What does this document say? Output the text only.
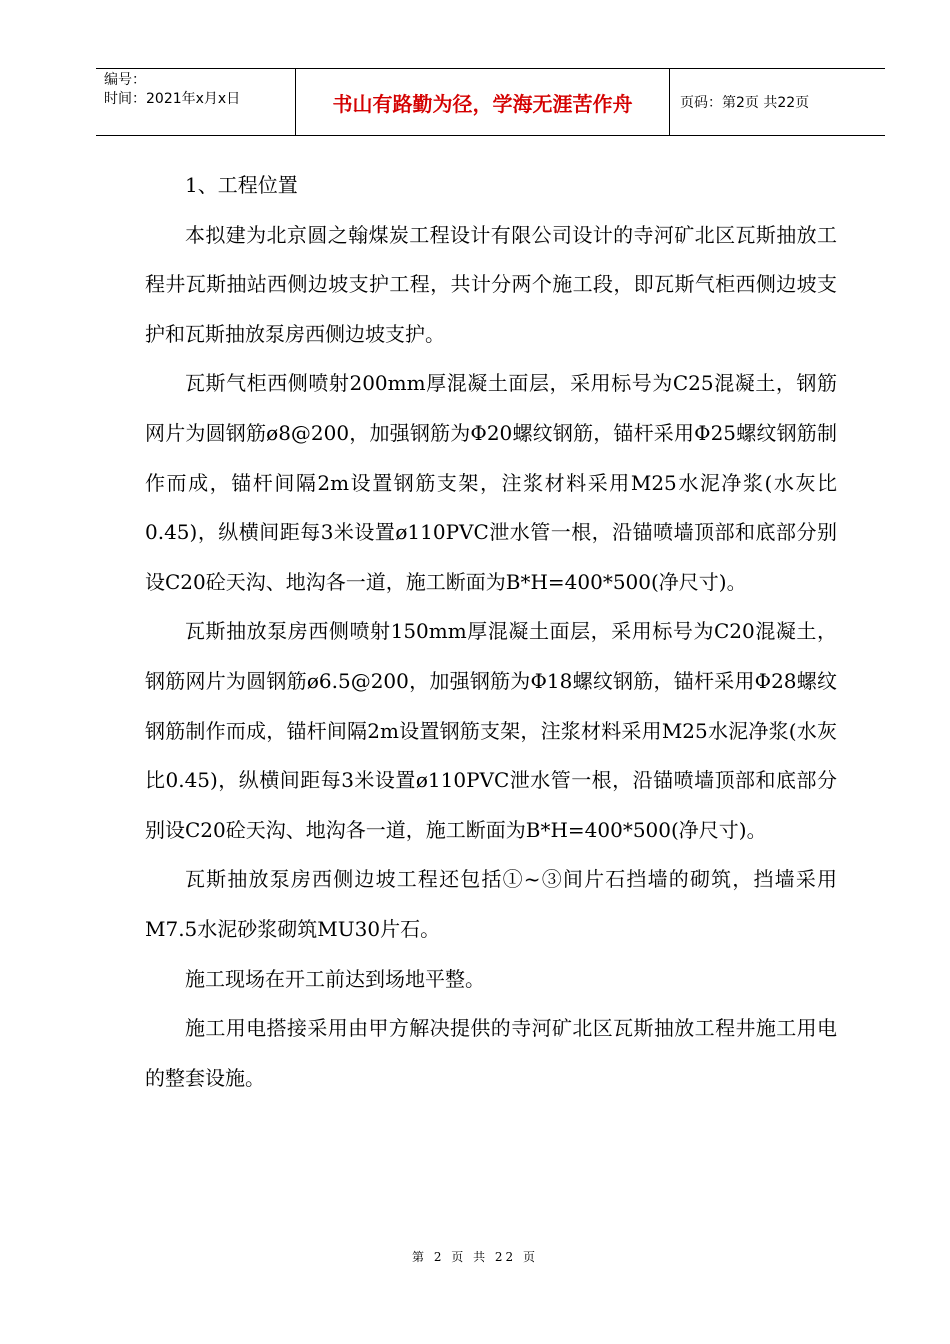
编号：
时间：2021年x月x日	书山有路勤为径，学海无涯苦作舟	页码：第2页 共22页

1、工程位置

本拟建为北京圆之翰煤炭工程设计有限公司设计的寺河矿北区瓦斯抽放工程井瓦斯抽站西侧边坡支护工程，共计分两个施工段，即瓦斯气柜西侧边坡支护和瓦斯抽放泵房西侧边坡支护。

瓦斯气柜西侧喷射200mm厚混凝土面层，采用标号为C25混凝土，钢筋网片为圆钢筋ø8@200，加强钢筋为Φ20螺纹钢筋，锚杆采用Φ25螺纹钢筋制作而成，锚杆间隔2m设置钢筋支架，注浆材料采用M25水泥净浆(水灰比0.45)，纵横间距每3米设置ø110PVC泄水管一根，沿锚喷墙顶部和底部分别设C20砼天沟、地沟各一道，施工断面为B*H=400*500(净尺寸)。

瓦斯抽放泵房西侧喷射150mm厚混凝土面层，采用标号为C20混凝土，钢筋网片为圆钢筋ø6.5@200，加强钢筋为Φ18螺纹钢筋，锚杆采用Φ28螺纹钢筋制作而成，锚杆间隔2m设置钢筋支架，注浆材料采用M25水泥净浆(水灰比0.45)，纵横间距每3米设置ø110PVC泄水管一根，沿锚喷墙顶部和底部分别设C20砼天沟、地沟各一道，施工断面为B*H=400*500(净尺寸)。

瓦斯抽放泵房西侧边坡工程还包括①~③间片石挡墙的砌筑，挡墙采用M7.5水泥砂浆砌筑MU30片石。

施工现场在开工前达到场地平整。

施工用电搭接采用由甲方解决提供的寺河矿北区瓦斯抽放工程井施工用电的整套设施。

第 2 页 共 22 页
